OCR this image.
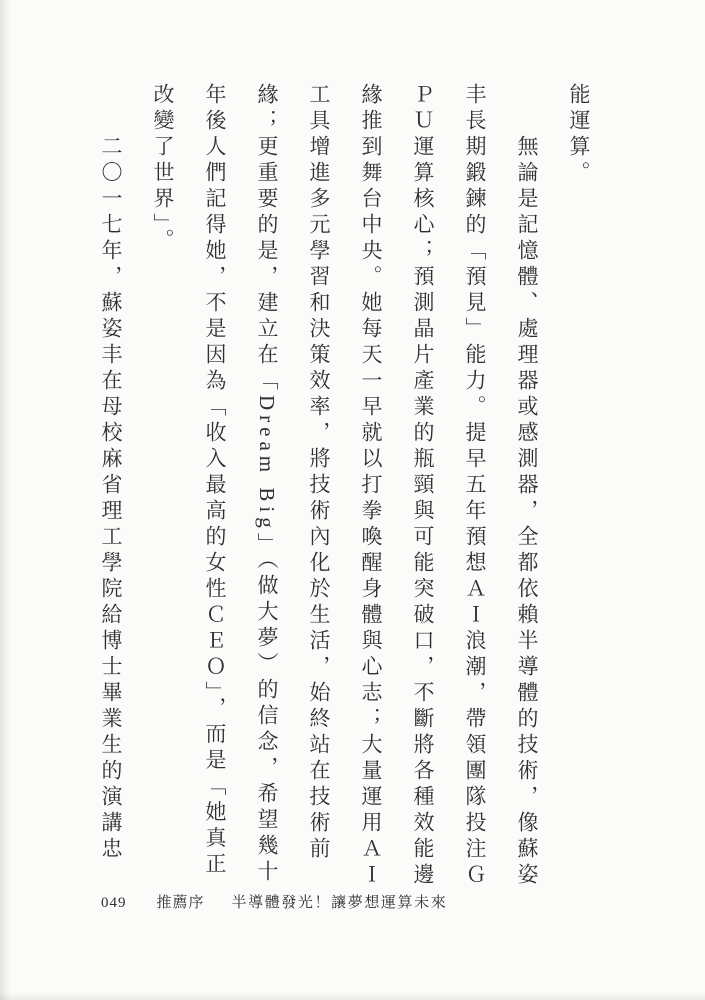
能運算。

無論是記憶體、處理器或感測器，全都依賴半導體的技術，像蘇姿丰長期鍛鍊的「預見」能力。提早五年預想ＡＩ浪潮，帶領團隊投注ＧＰＵ運算核心；預測晶片產業的瓶頸與可能突破口，不斷將各種效能邊緣推到舞台中央。她每天一早就以打拳喚醒身體與心志；大量運用ＡＩ工具增進多元學習和決策效率，將技術內化於生活，始終站在技術前緣；更重要的是，建立在「Dream Big」（做大夢）的信念，希望幾十年後人們記得她，不是因為「收入最高的女性ＣＥＯ」，而是「她真正改變了世界」。

二〇一七年，蘇姿丰在母校麻省理工學院給博士畢業生的演講忠

049 推薦序 半導體發光！讓夢想運算未來
